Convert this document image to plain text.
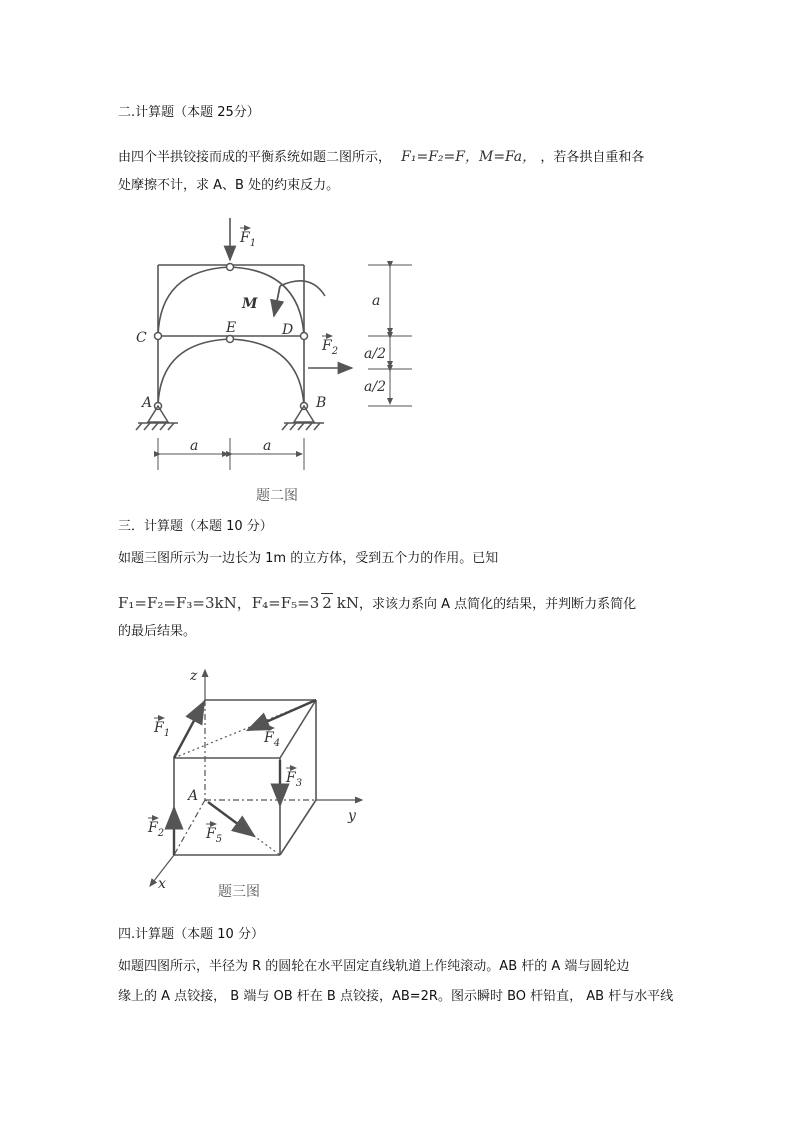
二.计算题（本题 25分）
由四个半拱铰接而成的平衡系统如题二图所示， F₁=F₂=F，M=Fa， ，若各拱自重和各
处摩擦不计，求 A、B 处的约束反力。
$F_1$
$F_2$
M
C
E	D
A	B
a	a
题二图
a
a/2
a/2
三．计算题（本题 10 分）
如题三图所示为一边长为 1m 的立方体，受到五个力的作用。已知
F₁=F₂=F₃=3kN，F₄=F₅=3 2 kN，求该力系向 A 点简化的结果，并判断力系简化
的最后结果。
z
y
x
A
$F_1$	$F_4$
$F_3$
$F_2$	$F_5$
题三图
四.计算题（本题 10 分）
如题四图所示，半径为 R 的圆轮在水平固定直线轨道上作纯滚动。AB 杆的 A 端与圆轮边
缘上的 A 点铰接， B 端与 OB 杆在 B 点铰接，AB=2R。图示瞬时 BO 杆铅直， AB 杆与水平线
